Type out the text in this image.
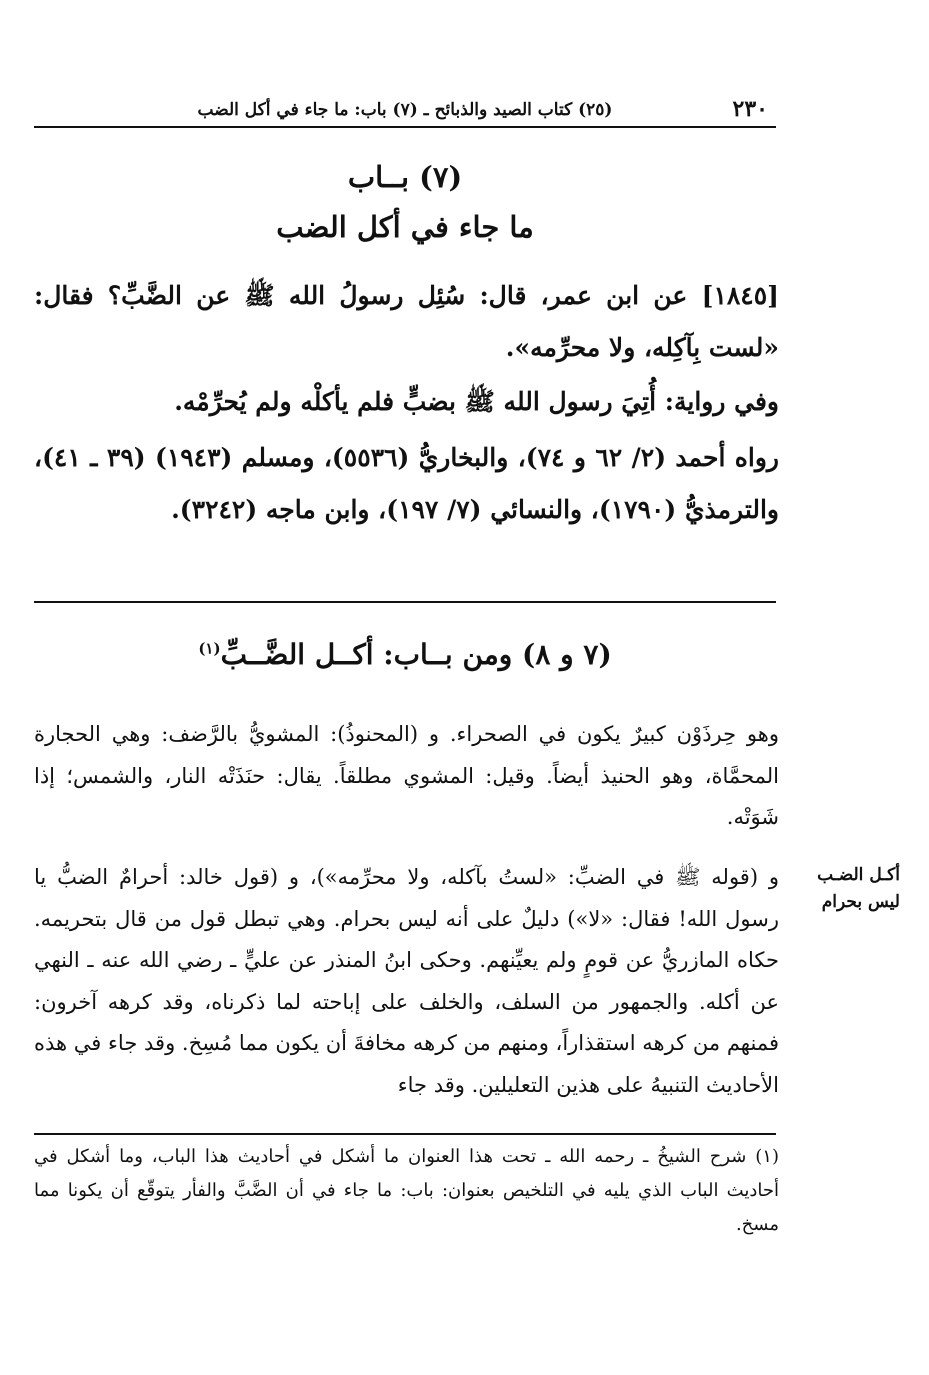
٢٣٠
(٢٥) كتاب الصيد والذبائح ـ (٧) باب: ما جاء في أكل الضب
(٧) بــاب
ما جاء في أكل الضب
[١٨٤٥] عن ابن عمر، قال: سُئِل رسولُ الله ﷺ عن الضَّبِّ؟ فقال: «لست بِآكِله، ولا محرِّمه».
وفي رواية: أُتِيَ رسول الله ﷺ بضبٍّ فلم يأكلْه ولم يُحرِّمْه.
رواه أحمد (٢/ ٦٢ و ٧٤)، والبخاريُّ (٥٥٣٦)، ومسلم (١٩٤٣) (٣٩ ـ ٤١)، والترمذيُّ (١٧٩٠)، والنسائي (٧/ ١٩٧)، وابن ماجه (٣٢٤٢).
(٧ و ٨) ومن بــاب: أكــل الضَّــبِّ$^{(١)}$
وهو حِرذَوْن كبيرٌ يكون في الصحراء. و (المحنوذُ): المشويُّ بالرَّضف: وهي الحجارة المحمَّاة، وهو الحنيذ أيضاً. وقيل: المشوي مطلقاً. يقال: حنَذَتْه النار، والشمس؛ إذا شَوَتْه.
أكـل الضـب
ليس بحرام
و (قوله ﷺ في الضبِّ: «لستُ بآكله، ولا محرِّمه»)، و (قول خالد: أحرامٌ الضبُّ يا رسول الله! فقال: «لا») دليلٌ على أنه ليس بحرام. وهي تبطل قول من قال بتحريمه. حكاه المازريُّ عن قومٍ ولم يعيِّنهم. وحكى ابنُ المنذر عن عليٍّ ـ رضي الله عنه ـ النهي عن أكله. والجمهور من السلف، والخلف على إباحته لما ذكرناه، وقد كرهه آخرون: فمنهم من كرهه استقذاراً، ومنهم من كرهه مخافةَ أن يكون مما مُسِخ. وقد جاء في هذه الأحاديث التنبيهُ على هذين التعليلين. وقد جاء
(١) شرح الشيخُ ـ رحمه الله ـ تحت هذا العنوان ما أشكل في أحاديث هذا الباب، وما أشكل في أحاديث الباب الذي يليه في التلخيص بعنوان: باب: ما جاء في أن الضَّبَّ والفأر يتوقّع أن يكونا مما مسخ.
